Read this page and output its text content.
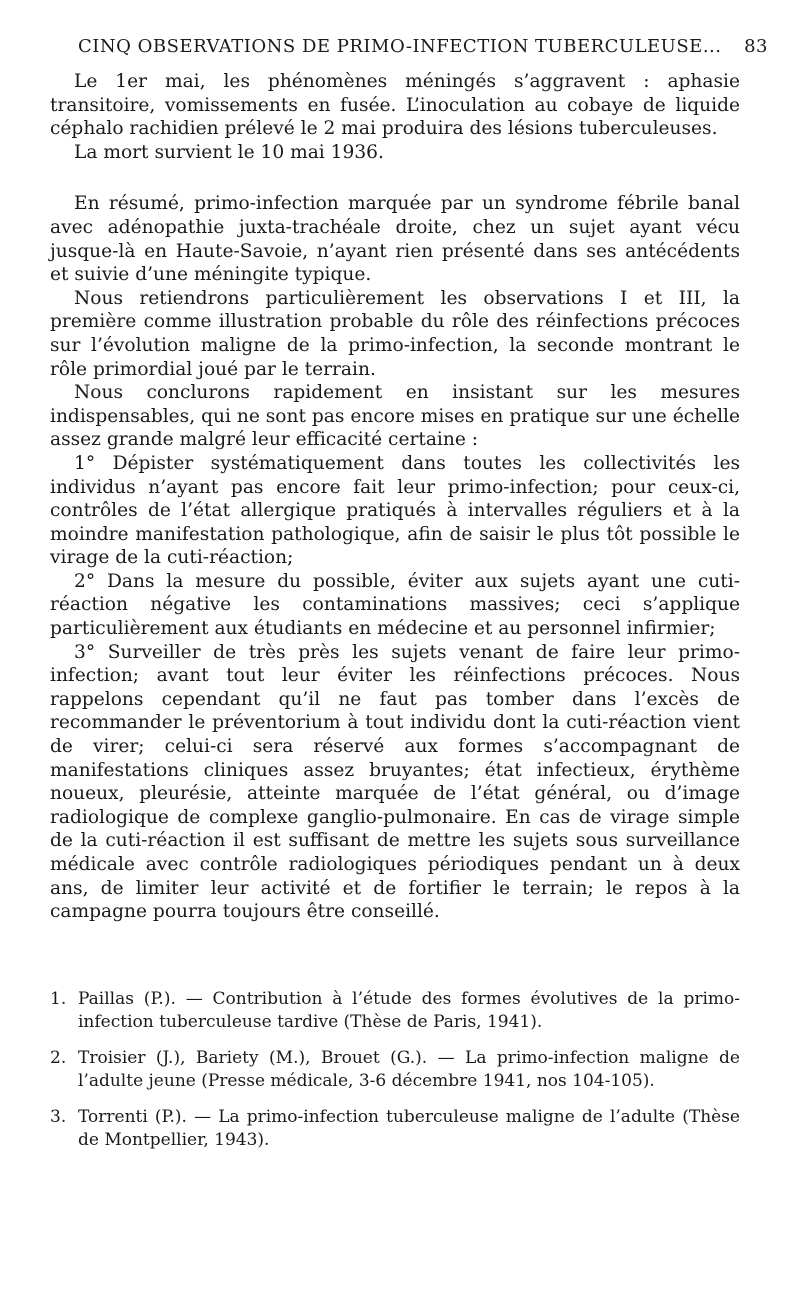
CINQ OBSERVATIONS DE PRIMO-INFECTION TUBERCULEUSE... 83

Le 1er mai, les phénomènes méningés s’aggravent : aphasie transitoire, vomissements en fusée. L’inoculation au cobaye de liquide céphalo rachidien prélevé le 2 mai produira des lésions tuberculeuses.

La mort survient le 10 mai 1936.

En résumé, primo-infection marquée par un syndrome fébrile banal avec adénopathie juxta-trachéale droite, chez un sujet ayant vécu jusque-là en Haute-Savoie, n’ayant rien présenté dans ses antécédents et suivie d’une méningite typique.

Nous retiendrons particulièrement les observations I et III, la première comme illustration probable du rôle des réinfections précoces sur l’évolution maligne de la primo-infection, la seconde montrant le rôle primordial joué par le terrain.

Nous conclurons rapidement en insistant sur les mesures indispensables, qui ne sont pas encore mises en pratique sur une échelle assez grande malgré leur efficacité certaine :

1° Dépister systématiquement dans toutes les collectivités les individus n’ayant pas encore fait leur primo-infection; pour ceux-ci, contrôles de l’état allergique pratiqués à intervalles réguliers et à la moindre manifestation pathologique, afin de saisir le plus tôt possible le virage de la cuti-réaction;

2° Dans la mesure du possible, éviter aux sujets ayant une cuti-réaction négative les contaminations massives; ceci s’applique particulièrement aux étudiants en médecine et au personnel infirmier;

3° Surveiller de très près les sujets venant de faire leur primo-infection; avant tout leur éviter les réinfections précoces. Nous rappelons cependant qu’il ne faut pas tomber dans l’excès de recommander le préventorium à tout individu dont la cuti-réaction vient de virer; celui-ci sera réservé aux formes s’accompagnant de manifestations cliniques assez bruyantes; état infectieux, érythème noueux, pleurésie, atteinte marquée de l’état général, ou d’image radiologique de complexe ganglio-pulmonaire. En cas de virage simple de la cuti-réaction il est suffisant de mettre les sujets sous surveillance médicale avec contrôle radiologiques périodiques pendant un à deux ans, de limiter leur activité et de fortifier le terrain; le repos à la campagne pourra toujours être conseillé.

1. Paillas (P.). — Contribution à l’étude des formes évolutives de la primo-infection tuberculeuse tardive (Thèse de Paris, 1941).
2. Troisier (J.), Bariety (M.), Brouet (G.). — La primo-infection maligne de l’adulte jeune (Presse médicale, 3-6 décembre 1941, nos 104-105).
3. Torrenti (P.). — La primo-infection tuberculeuse maligne de l’adulte (Thèse de Montpellier, 1943).
